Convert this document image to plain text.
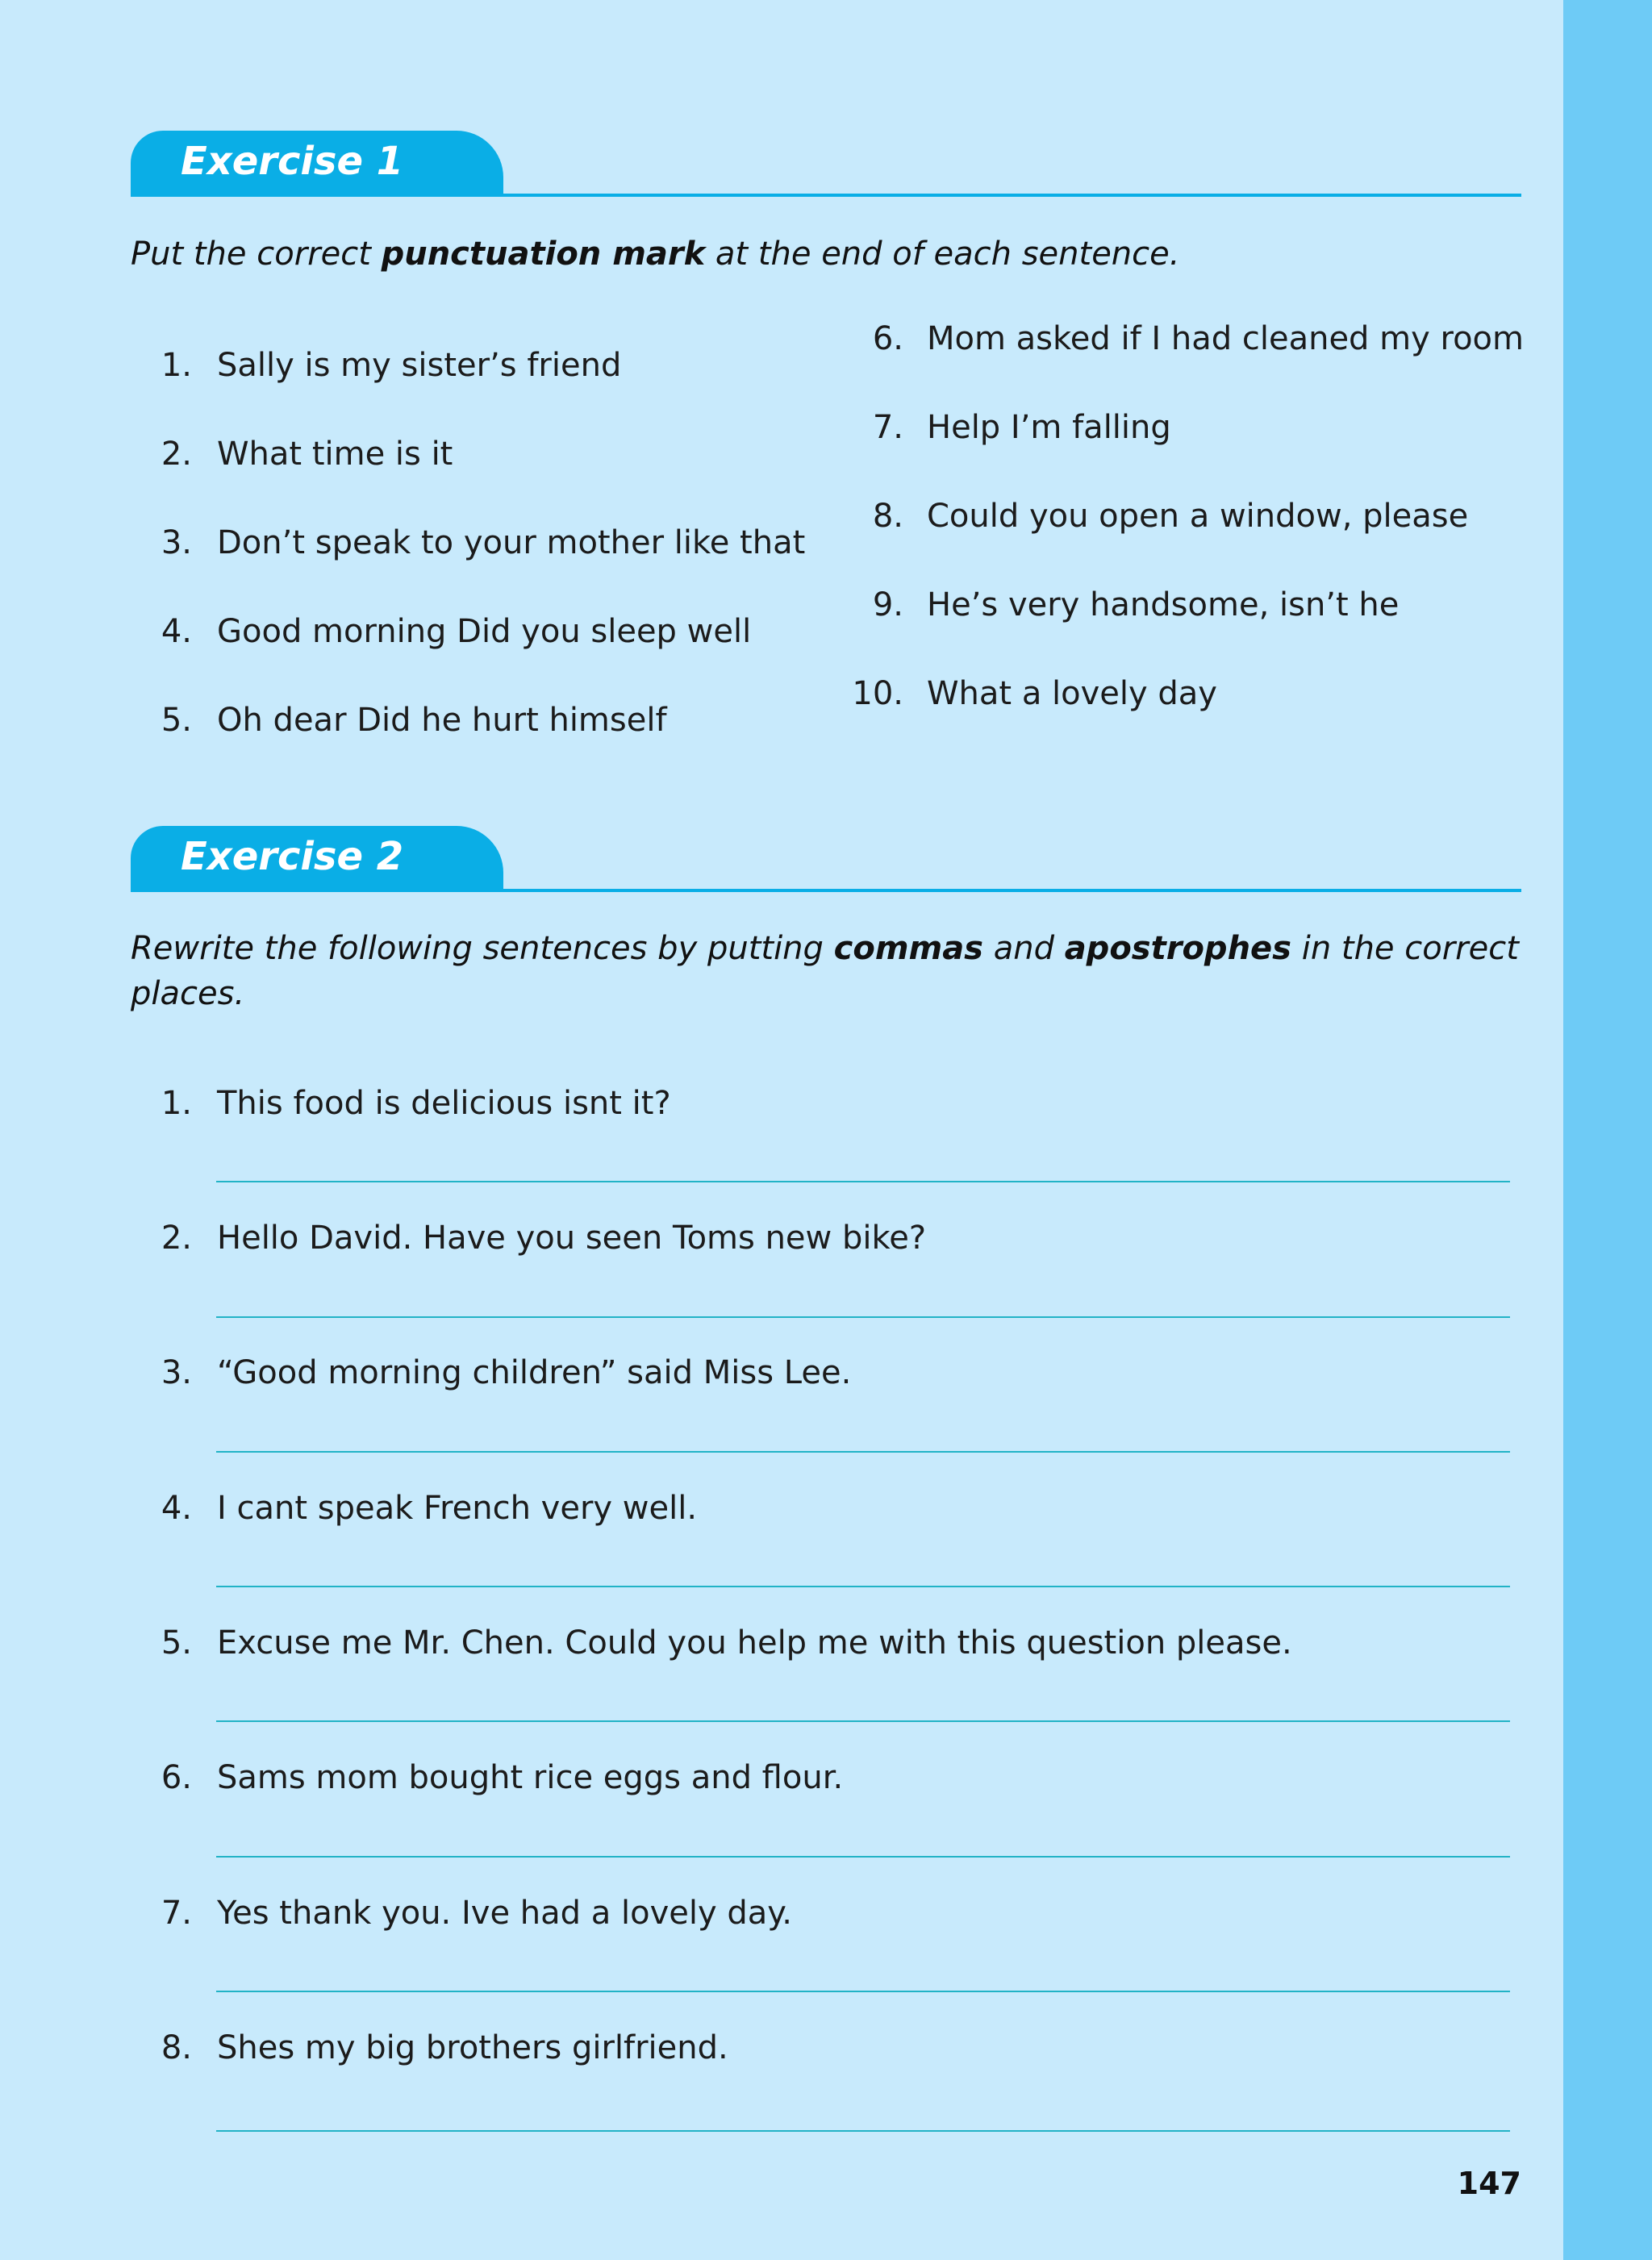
Exercise 1
Put the correct punctuation mark at the end of each sentence.
1. Sally is my sister’s friend
2. What time is it
3. Don’t speak to your mother like that
4. Good morning Did you sleep well
5. Oh dear Did he hurt himself
6. Mom asked if I had cleaned my room
7. Help I’m falling
8. Could you open a window, please
9. He’s very handsome, isn’t he
10. What a lovely day
Exercise 2
Rewrite the following sentences by putting commas and apostrophes in the correct places.
1. This food is delicious isnt it?
2. Hello David. Have you seen Toms new bike?
3. “Good morning children” said Miss Lee.
4. I cant speak French very well.
5. Excuse me Mr. Chen. Could you help me with this question please.
6. Sams mom bought rice eggs and flour.
7. Yes thank you. Ive had a lovely day.
8. Shes my big brothers girlfriend.
147
